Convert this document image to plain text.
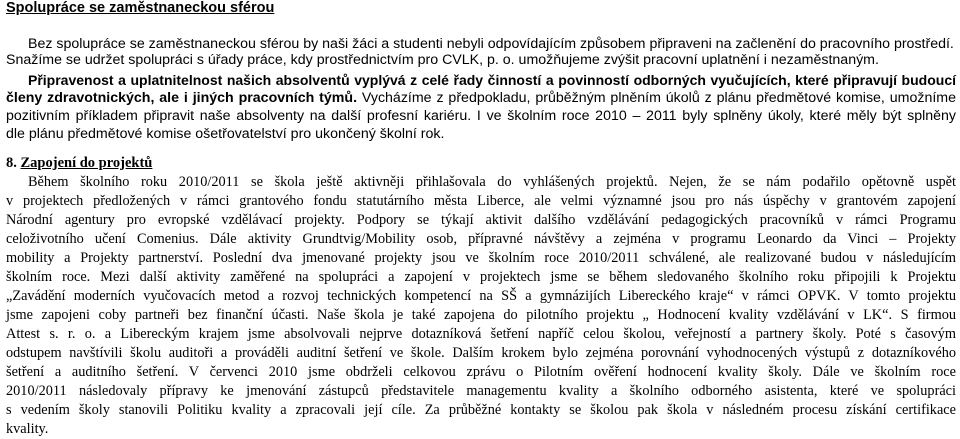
Spolupráce se zaměstnaneckou sférou
Bez spolupráce se zaměstnaneckou sférou by naši žáci a studenti nebyli odpovídajícím způsobem připraveni na začlenění do pracovního prostředí.
Snažíme se udržet spolupráci s úřady práce, kdy prostřednictvím pro CVLK, p. o. umožňujeme zvýšit pracovní uplatnění i nezaměstnaným.
Připravenost a uplatnitelnost našich absolventů vyplývá z celé řady činností a povinností odborných vyučujících, které připravují budoucí
členy zdravotnických, ale i jiných pracovních týmů. Vycházíme z předpokladu, průběžným plněním úkolů z plánu předmětové komise, umožníme
pozitivním příkladem připravit naše absolventy na další profesní kariéru. I ve školním roce 2010 – 2011 byly splněny úkoly, které měly být splněny
dle plánu předmětové komise ošetřovatelství pro ukončený školní rok.
8. Zapojení do projektů
Během školního roku 2010/2011 se škola ještě aktivněji přihlašovala do vyhlášených projektů. Nejen, že se nám podařilo opětovně uspět
v projektech předložených v rámci grantového fondu statutárního města Liberce, ale velmi významné jsou pro nás úspěchy v grantovém zapojení
Národní agentury pro evropské vzdělávací projekty. Podpory se týkají aktivit dalšího vzdělávání pedagogických pracovníků v rámci Programu
celoživotního učení Comenius. Dále aktivity Grundtvig/Mobility osob, přípravné návštěvy a zejména v programu Leonardo da Vinci – Projekty
mobility a Projekty partnerství. Poslední dva jmenované projekty jsou ve školním roce 2010/2011 schválené, ale realizované budou v následujícím
školním roce. Mezi další aktivity zaměřené na spolupráci a zapojení v projektech jsme se během sledovaného školního roku připojili k Projektu
„Zavádění moderních vyučovacích metod a rozvoj technických kompetencí na SŠ a gymnázijích Libereckého kraje“ v rámci OPVK. V tomto projektu
jsme zapojeni coby partneři bez finanční účasti. Naše škola je také zapojena do pilotního projektu „ Hodnocení kvality vzdělávání v LK“. S firmou
Attest s. r. o. a Libereckým krajem jsme absolvovali nejprve dotazníková šetření napříč celou školou, veřejností a partnery školy. Poté s časovým
odstupem navštívili školu auditoři a prováděli auditní šetření ve škole. Dalším krokem bylo zejména porovnání vyhodnocených výstupů z dotazníkového
šetření a auditního šetření. V červenci 2010 jsme obdrželi celkovou zprávu o Pilotním ověření hodnocení kvality školy. Dále ve školním roce
2010/2011 následovaly přípravy ke jmenování zástupců představitele managementu kvality a školního odborného asistenta, které ve spolupráci
s vedením školy stanovili Politiku kvality a zpracovali její cíle. Za průběžné kontakty se školou pak škola v následném procesu získání certifikace
kvality.
